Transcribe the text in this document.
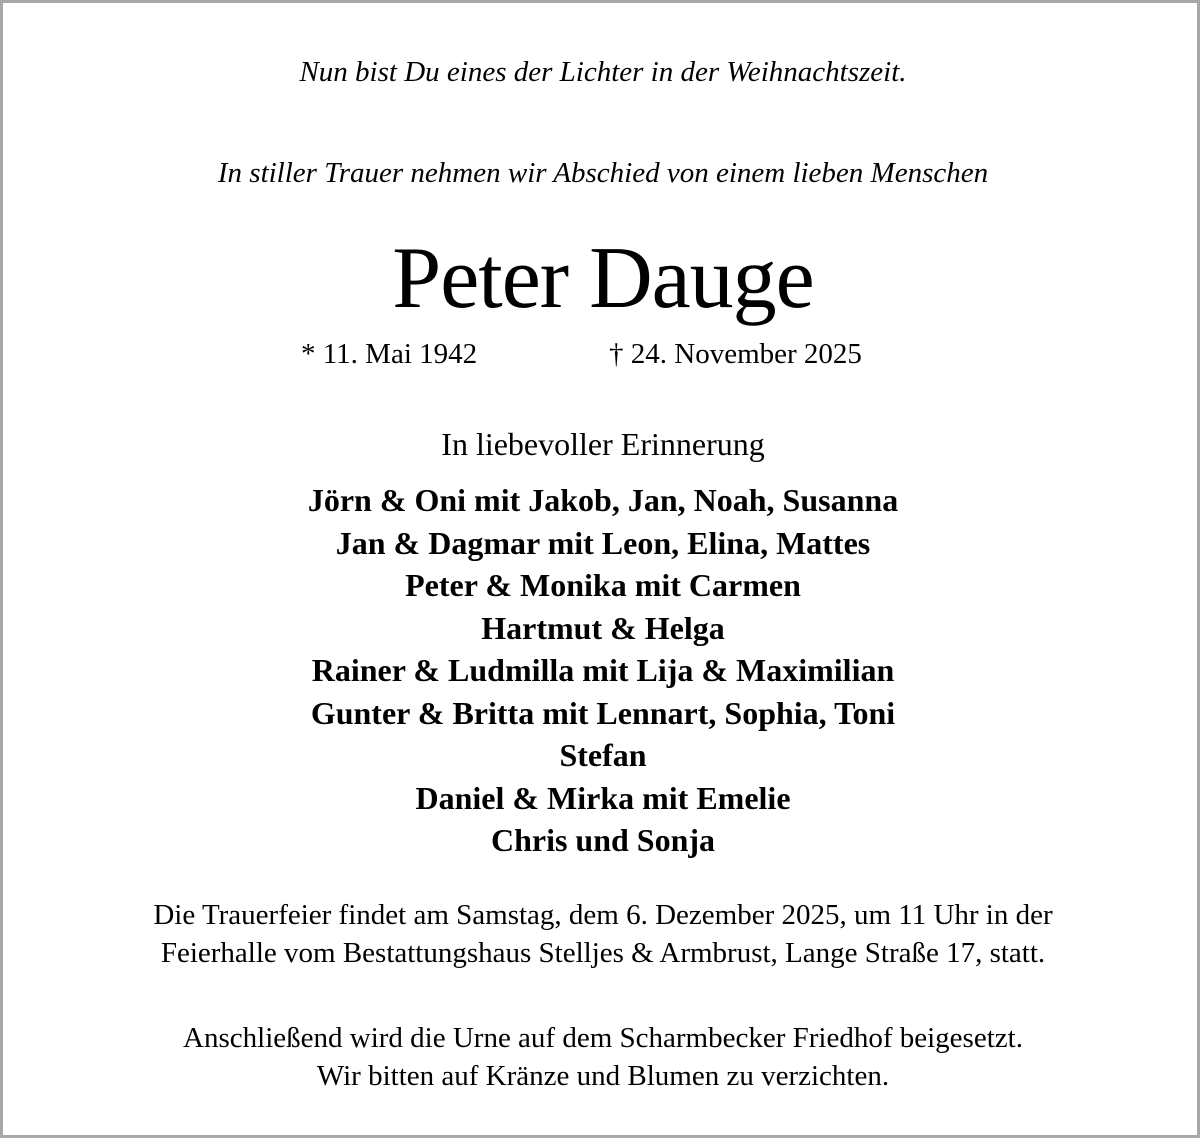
Nun bist Du eines der Lichter in der Weihnachtszeit.
In stiller Trauer nehmen wir Abschied von einem lieben Menschen
Peter Dauge
* 11. Mai 1942	† 24. November 2025
In liebevoller Erinnerung
Jörn & Oni mit Jakob, Jan, Noah, Susanna
Jan & Dagmar mit Leon, Elina, Mattes
Peter & Monika mit Carmen
Hartmut & Helga
Rainer & Ludmilla mit Lija & Maximilian
Gunter & Britta mit Lennart, Sophia, Toni
Stefan
Daniel & Mirka mit Emelie
Chris und Sonja
Die Trauerfeier findet am Samstag, dem 6. Dezember 2025, um 11 Uhr in der
Feierhalle vom Bestattungshaus Stelljes & Armbrust, Lange Straße 17, statt.
Anschließend wird die Urne auf dem Scharmbecker Friedhof beigesetzt.
Wir bitten auf Kränze und Blumen zu verzichten.
